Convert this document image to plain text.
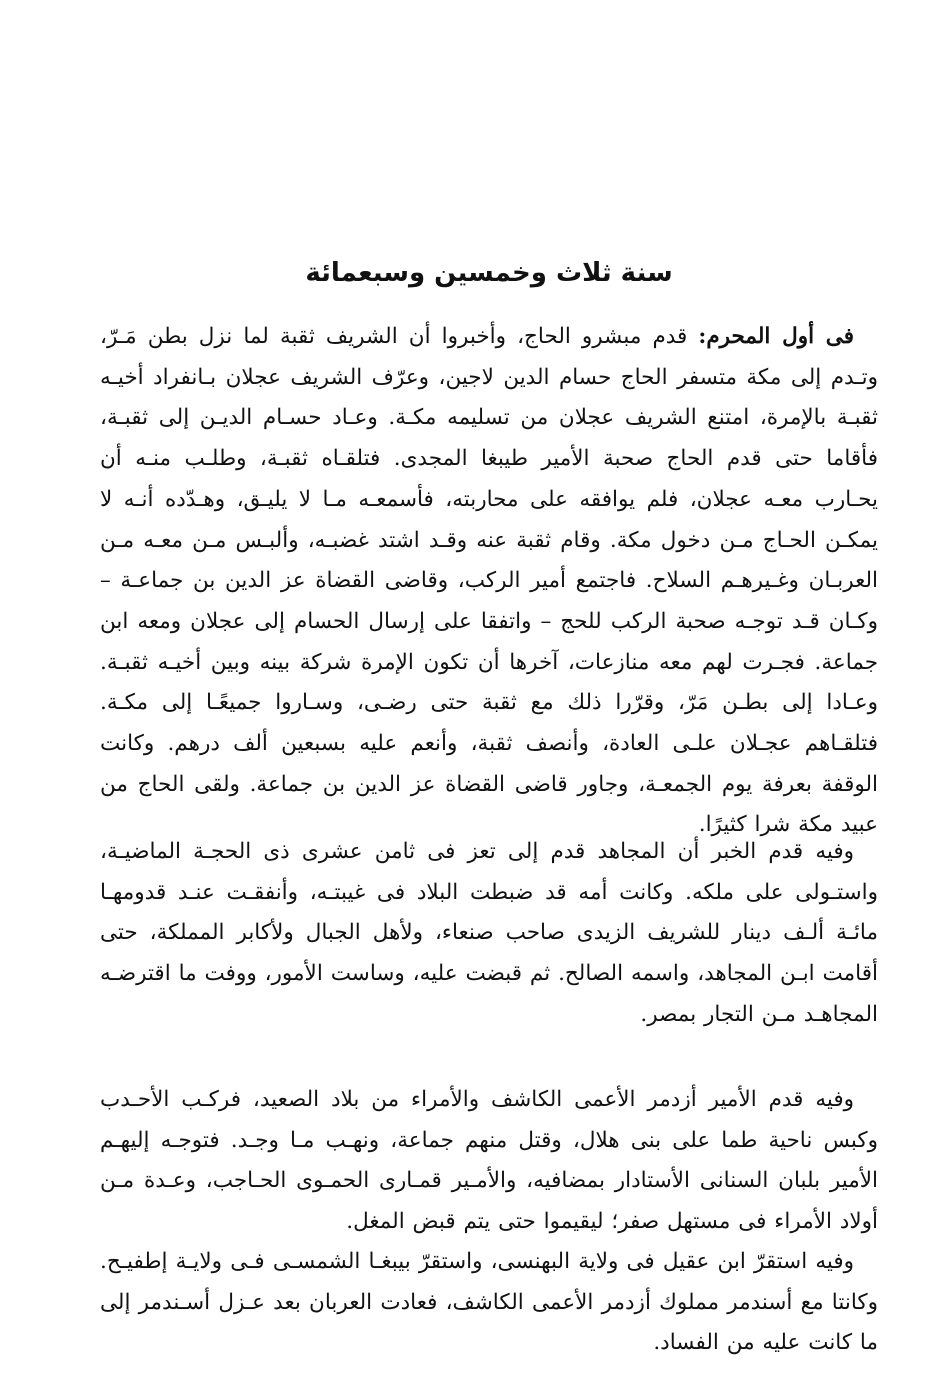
سنة ثلاث وخمسين وسبعمائة

فى أول المحرم: قدم مبشرو الحاج، وأخبروا أن الشريف ثقبة لما نزل بطن مَـرّ، وتـدم إلى مكة متسفر الحاج حسام الدين لاجين، وعرّف الشريف عجلان بـانفراد أخيـه ثقبـة بالإمرة، امتنع الشريف عجلان من تسليمه مكـة. وعـاد حسـام الديـن إلى ثقبـة، فأقاما حتى قدم الحاج صحبة الأمير طيبغا المجدى. فتلقـاه ثقبـة، وطلـب منـه أن يحـارب معـه عجلان، فلم يوافقه على محاربته، فأسمعـه مـا لا يليـق، وهـدّده أنـه لا يمكـن الحـاج مـن دخول مكة. وقام ثقبة عنه وقـد اشتد غضبـه، وألبـس مـن معـه مـن العربـان وغـيرهـم السلاح. فاجتمع أمير الركب، وقاضى القضاة عز الدين بن جماعـة – وكـان قـد توجـه صحبة الركب للحج – واتفقا على إرسال الحسام إلى عجلان ومعه ابن جماعة. فجـرت لهم معه منازعات، آخرها أن تكون الإمرة شركة بينه وبين أخيـه ثقبـة. وعـادا إلى بطـن مَرّ، وقرّرا ذلك مع ثقبة حتى رضـى، وسـاروا جميعًـا إلى مكـة. فتلقـاهم عجـلان علـى العادة، وأنصف ثقبة، وأنعم عليه بسبعين ألف درهم. وكانت الوقفة بعرفة يوم الجمعـة، وجاور قاضى القضاة عز الدين بن جماعة. ولقى الحاج من عبيد مكة شرا كثيرًا.

وفيه قدم الخبر أن المجاهد قدم إلى تعز فى ثامن عشرى ذى الحجـة الماضيـة، واستـولى على ملكه. وكانت أمه قد ضبطت البلاد فى غيبتـه، وأنفقـت عنـد قدومهـا مائـة ألـف دينار للشريف الزيدى صاحب صنعاء، ولأهل الجبال ولأكابر المملكة، حتى أقامت ابـن المجاهد، واسمه الصالح. ثم قبضت عليه، وساست الأمور، ووفت ما اقترضـه المجاهـد مـن التجار بمصر.

وفيه قدم الأمير أزدمر الأعمى الكاشف والأمراء من بلاد الصعيد، فركـب الأحـدب وكبس ناحية طما على بنى هلال، وقتل منهم جماعة، ونهـب مـا وجـد. فتوجـه إليهـم الأمير بلبان السنانى الأستادار بمضافيه، والأمـير قمـارى الحمـوى الحـاجب، وعـدة مـن أولاد الأمراء فى مستهل صفر؛ ليقيموا حتى يتم قبض المغل.

وفيه استقرّ ابن عقيل فى ولاية البهنسى، واستقرّ بيبغـا الشمسـى فـى ولايـة إطفيـح. وكانتا مع أسندمر مملوك أزدمر الأعمى الكاشف، فعادت العربان بعد عـزل أسـندمر إلى ما كانت عليه من الفساد.
